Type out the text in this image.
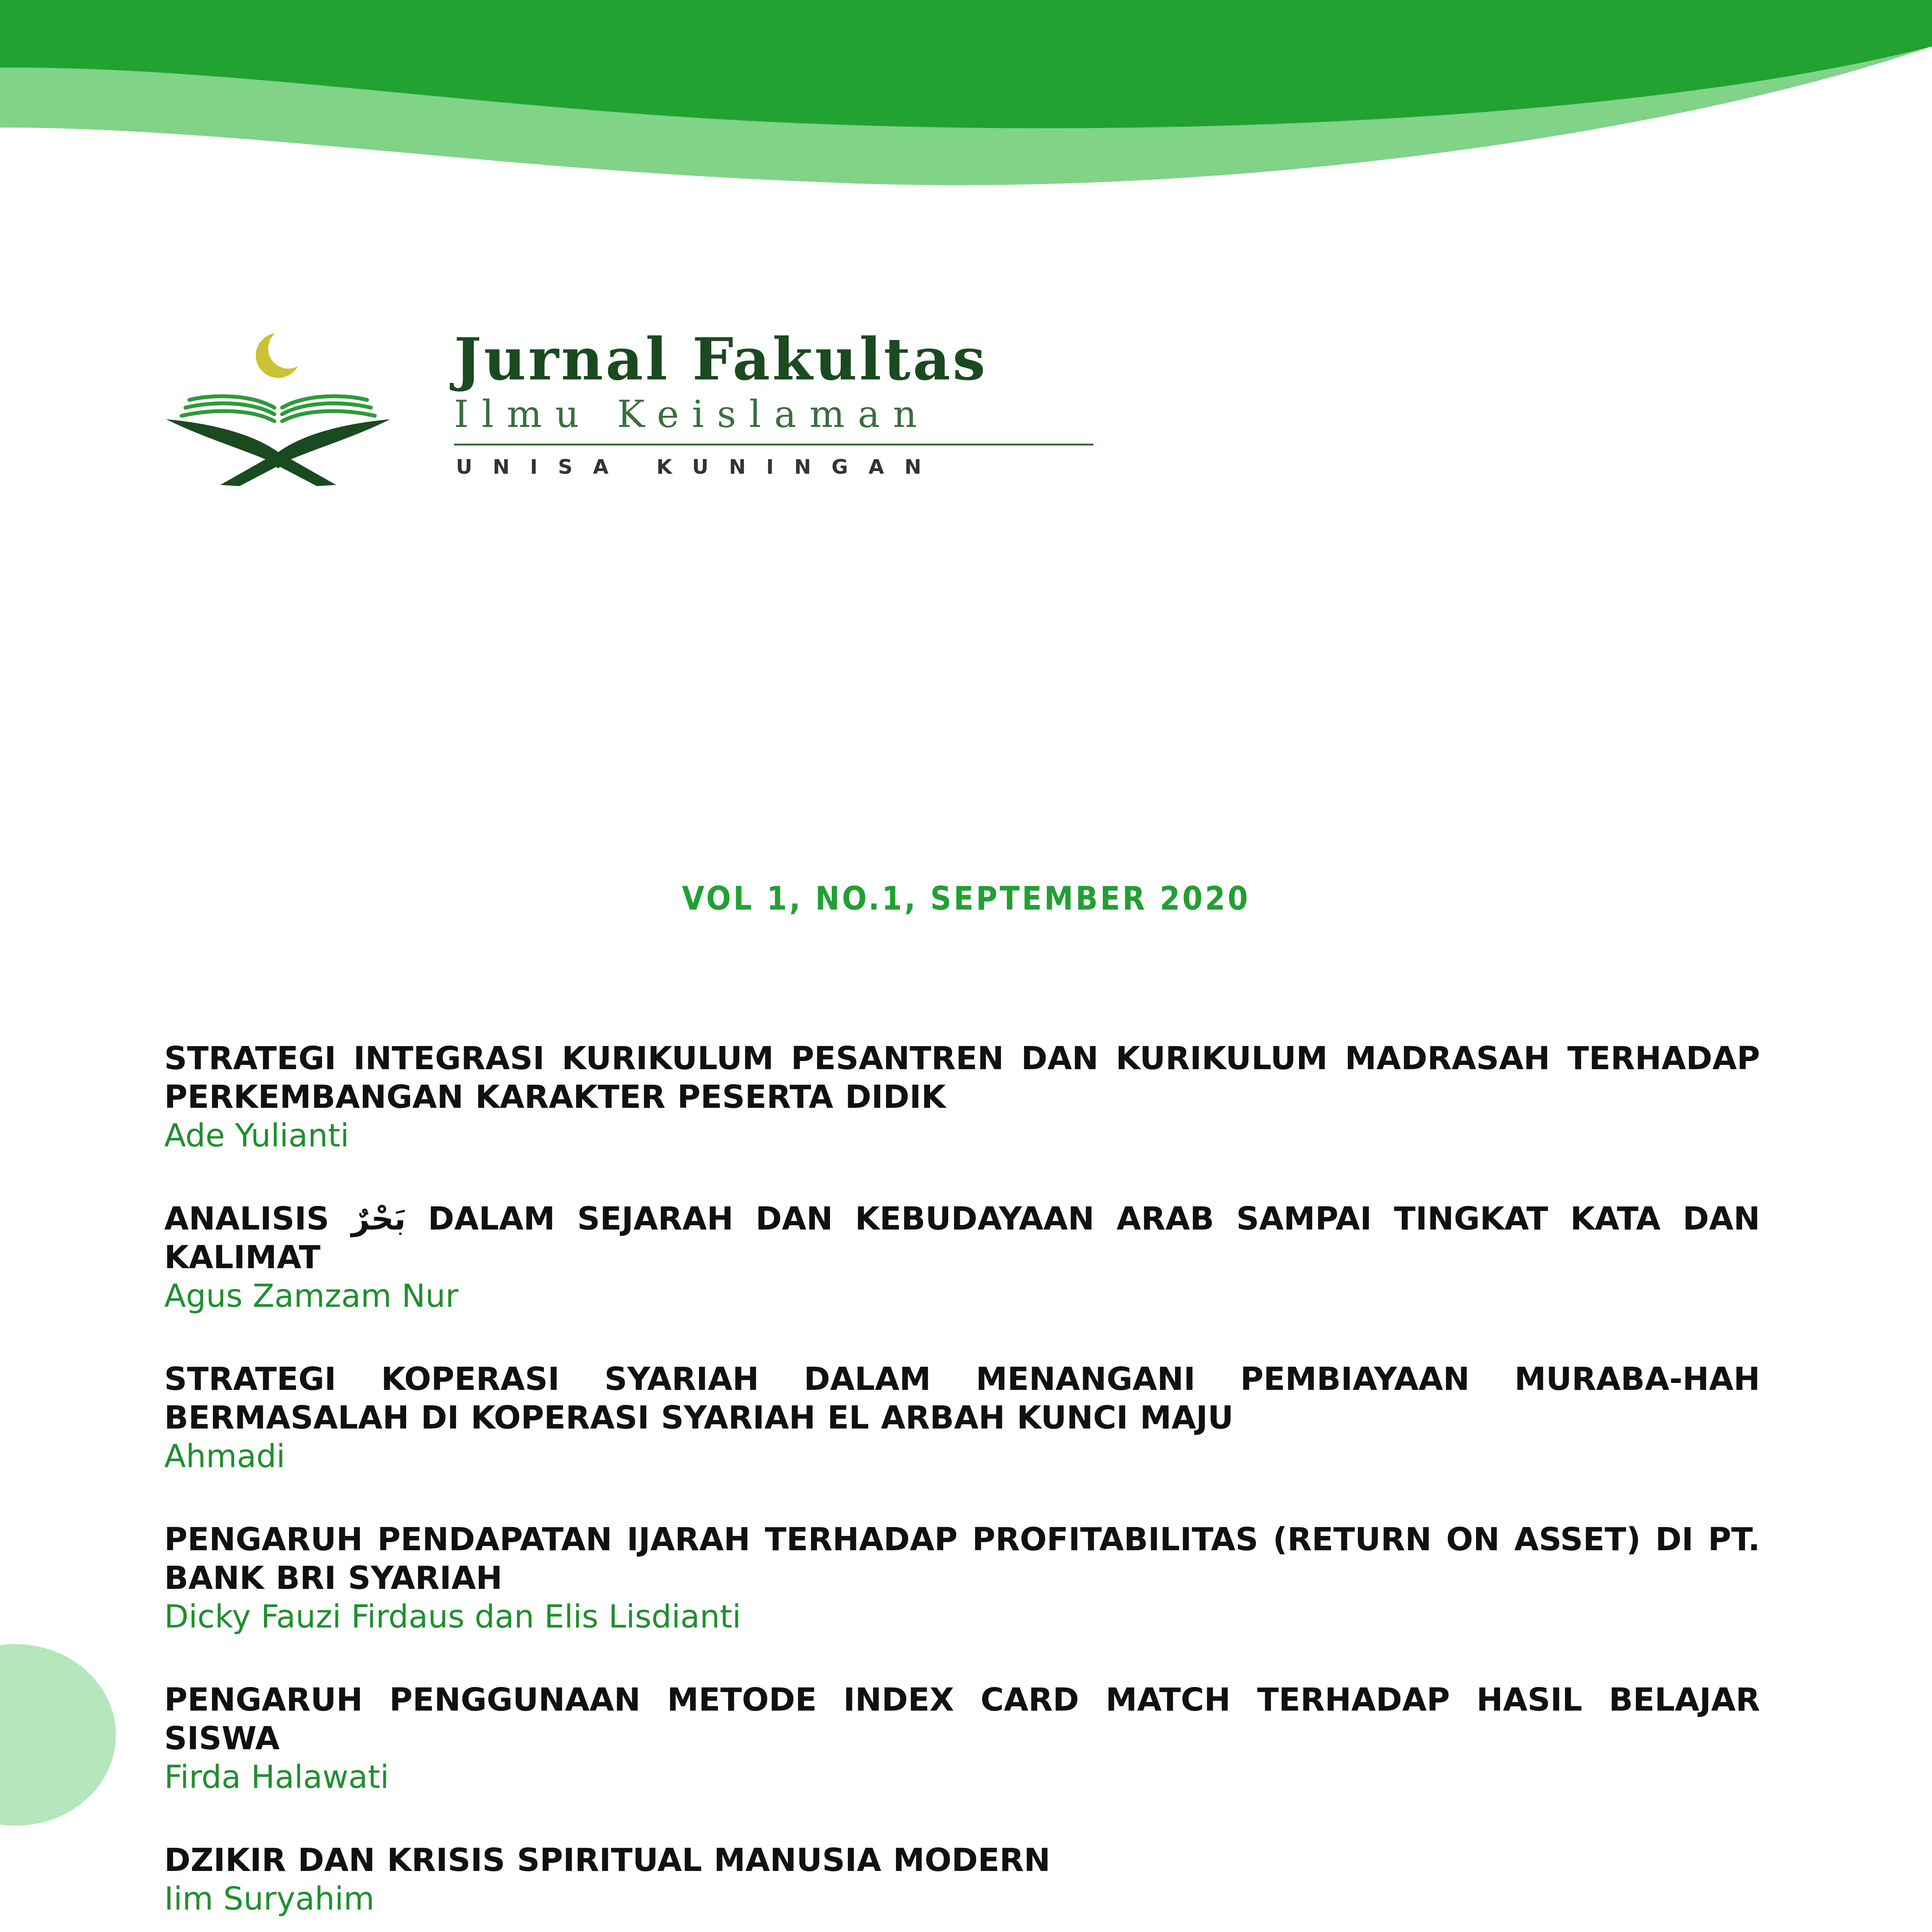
Jurnal Fakultas

Ilmu Keislaman

UNISA KUNINGAN

VOL 1, NO.1, SEPTEMBER 2020

STRATEGI INTEGRASI KURIKULUM PESANTREN DAN KURIKULUM MADRASAH TERHADAP PERKEMBANGAN KARAKTER PESERTA DIDIK

Ade Yulianti

ANALISIS بَحْرٌ DALAM SEJARAH DAN KEBUDAYAAN ARAB SAMPAI TINGKAT KATA DAN KALIMAT

Agus Zamzam Nur

STRATEGI KOPERASI SYARIAH DALAM MENANGANI PEMBIAYAAN MURABA-HAH BERMASALAH DI KOPERASI SYARIAH EL ARBAH KUNCI MAJU

Ahmadi

PENGARUH PENDAPATAN IJARAH TERHADAP PROFITABILITAS (RETURN ON ASSET) DI PT. BANK BRI SYARIAH

Dicky Fauzi Firdaus dan Elis Lisdianti

PENGARUH PENGGUNAAN METODE INDEX CARD MATCH TERHADAP HASIL BELAJAR SISWA

Firda Halawati

DZIKIR DAN KRISIS SPIRITUAL MANUSIA MODERN

Iim Suryahim
